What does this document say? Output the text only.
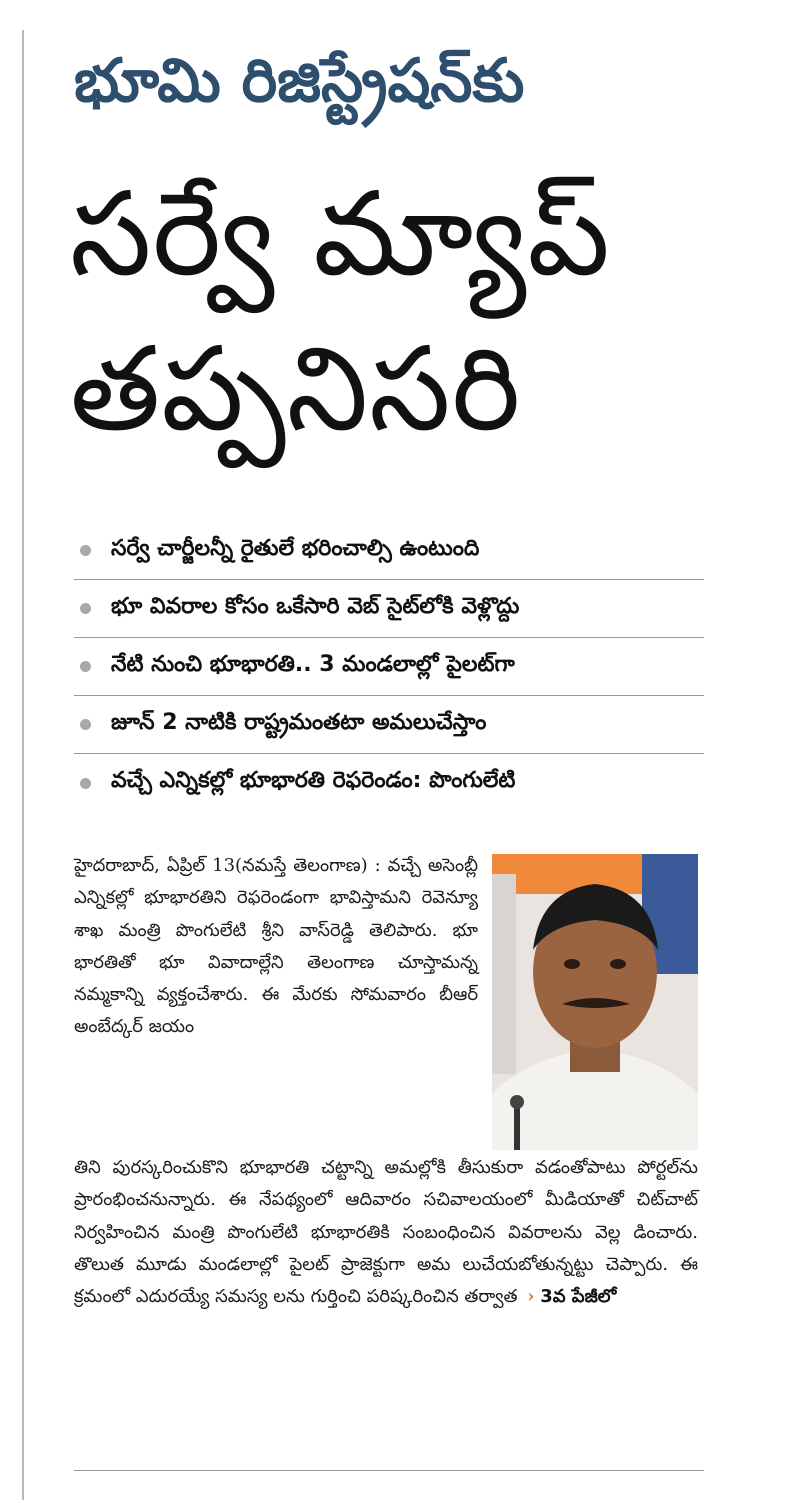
భూమి రిజిస్ట్రేషన్‌కు
సర్వే మ్యాప్
తప్పనిసరి
సర్వే చార్జీలన్నీ రైతులే భరించాల్సి ఉంటుంది
భూ వివరాల కోసం ఒకేసారి వెబ్‌ సైట్‌లోకి వెళ్లొద్దు
నేటి నుంచి భూభారతి.. 3 మండలాల్లో పైలట్‌గా
జూన్‌ 2 నాటికి రాష్ట్రమంతటా అమలుచేస్తాం
వచ్చే ఎన్నికల్లో భూభారతి రెఫరెండం: పొంగులేటి
హైదరాబాద్‌, ఏప్రిల్‌ 13(నమస్తే తెలంగాణ) : వచ్చే అసెంబ్లీ ఎన్నికల్లో భూభారతిని రెఫరెండంగా భావిస్తామని రెవెన్యూ శాఖ మంత్రి పొంగులేటి శ్రీని వాస్‌రెడ్డి తెలిపారు. భూ భారతితో భూ వివాదాల్లేని తెలంగాణ చూస్తామన్న నమ్మకాన్ని వ్యక్తంచేశారు. ఈ మేరకు సోమవారం బీఆర్‌ అంబేద్కర్‌ జయం
తిని పురస్కరించుకొని భూభారతి చట్టాన్ని అమల్లోకి తీసుకురా వడంతోపాటు పోర్టల్‌ను ప్రారంభించనున్నారు. ఈ నేపథ్యంలో ఆదివారం సచివాలయంలో మీడియాతో చిట్‌చాట్‌ నిర్వహించిన మంత్రి పొంగులేటి భూభారతికి సంబంధించిన వివరాలను వెల్ల డించారు. తొలుత మూడు మండలాల్లో పైలట్‌ ప్రాజెక్టుగా అమ లుచేయబోతున్నట్టు చెప్పారు. ఈ క్రమంలో ఎదురయ్యే సమస్య లను గుర్తించి పరిష్కరించిన తర్వాత › 3వ పేజీలో
